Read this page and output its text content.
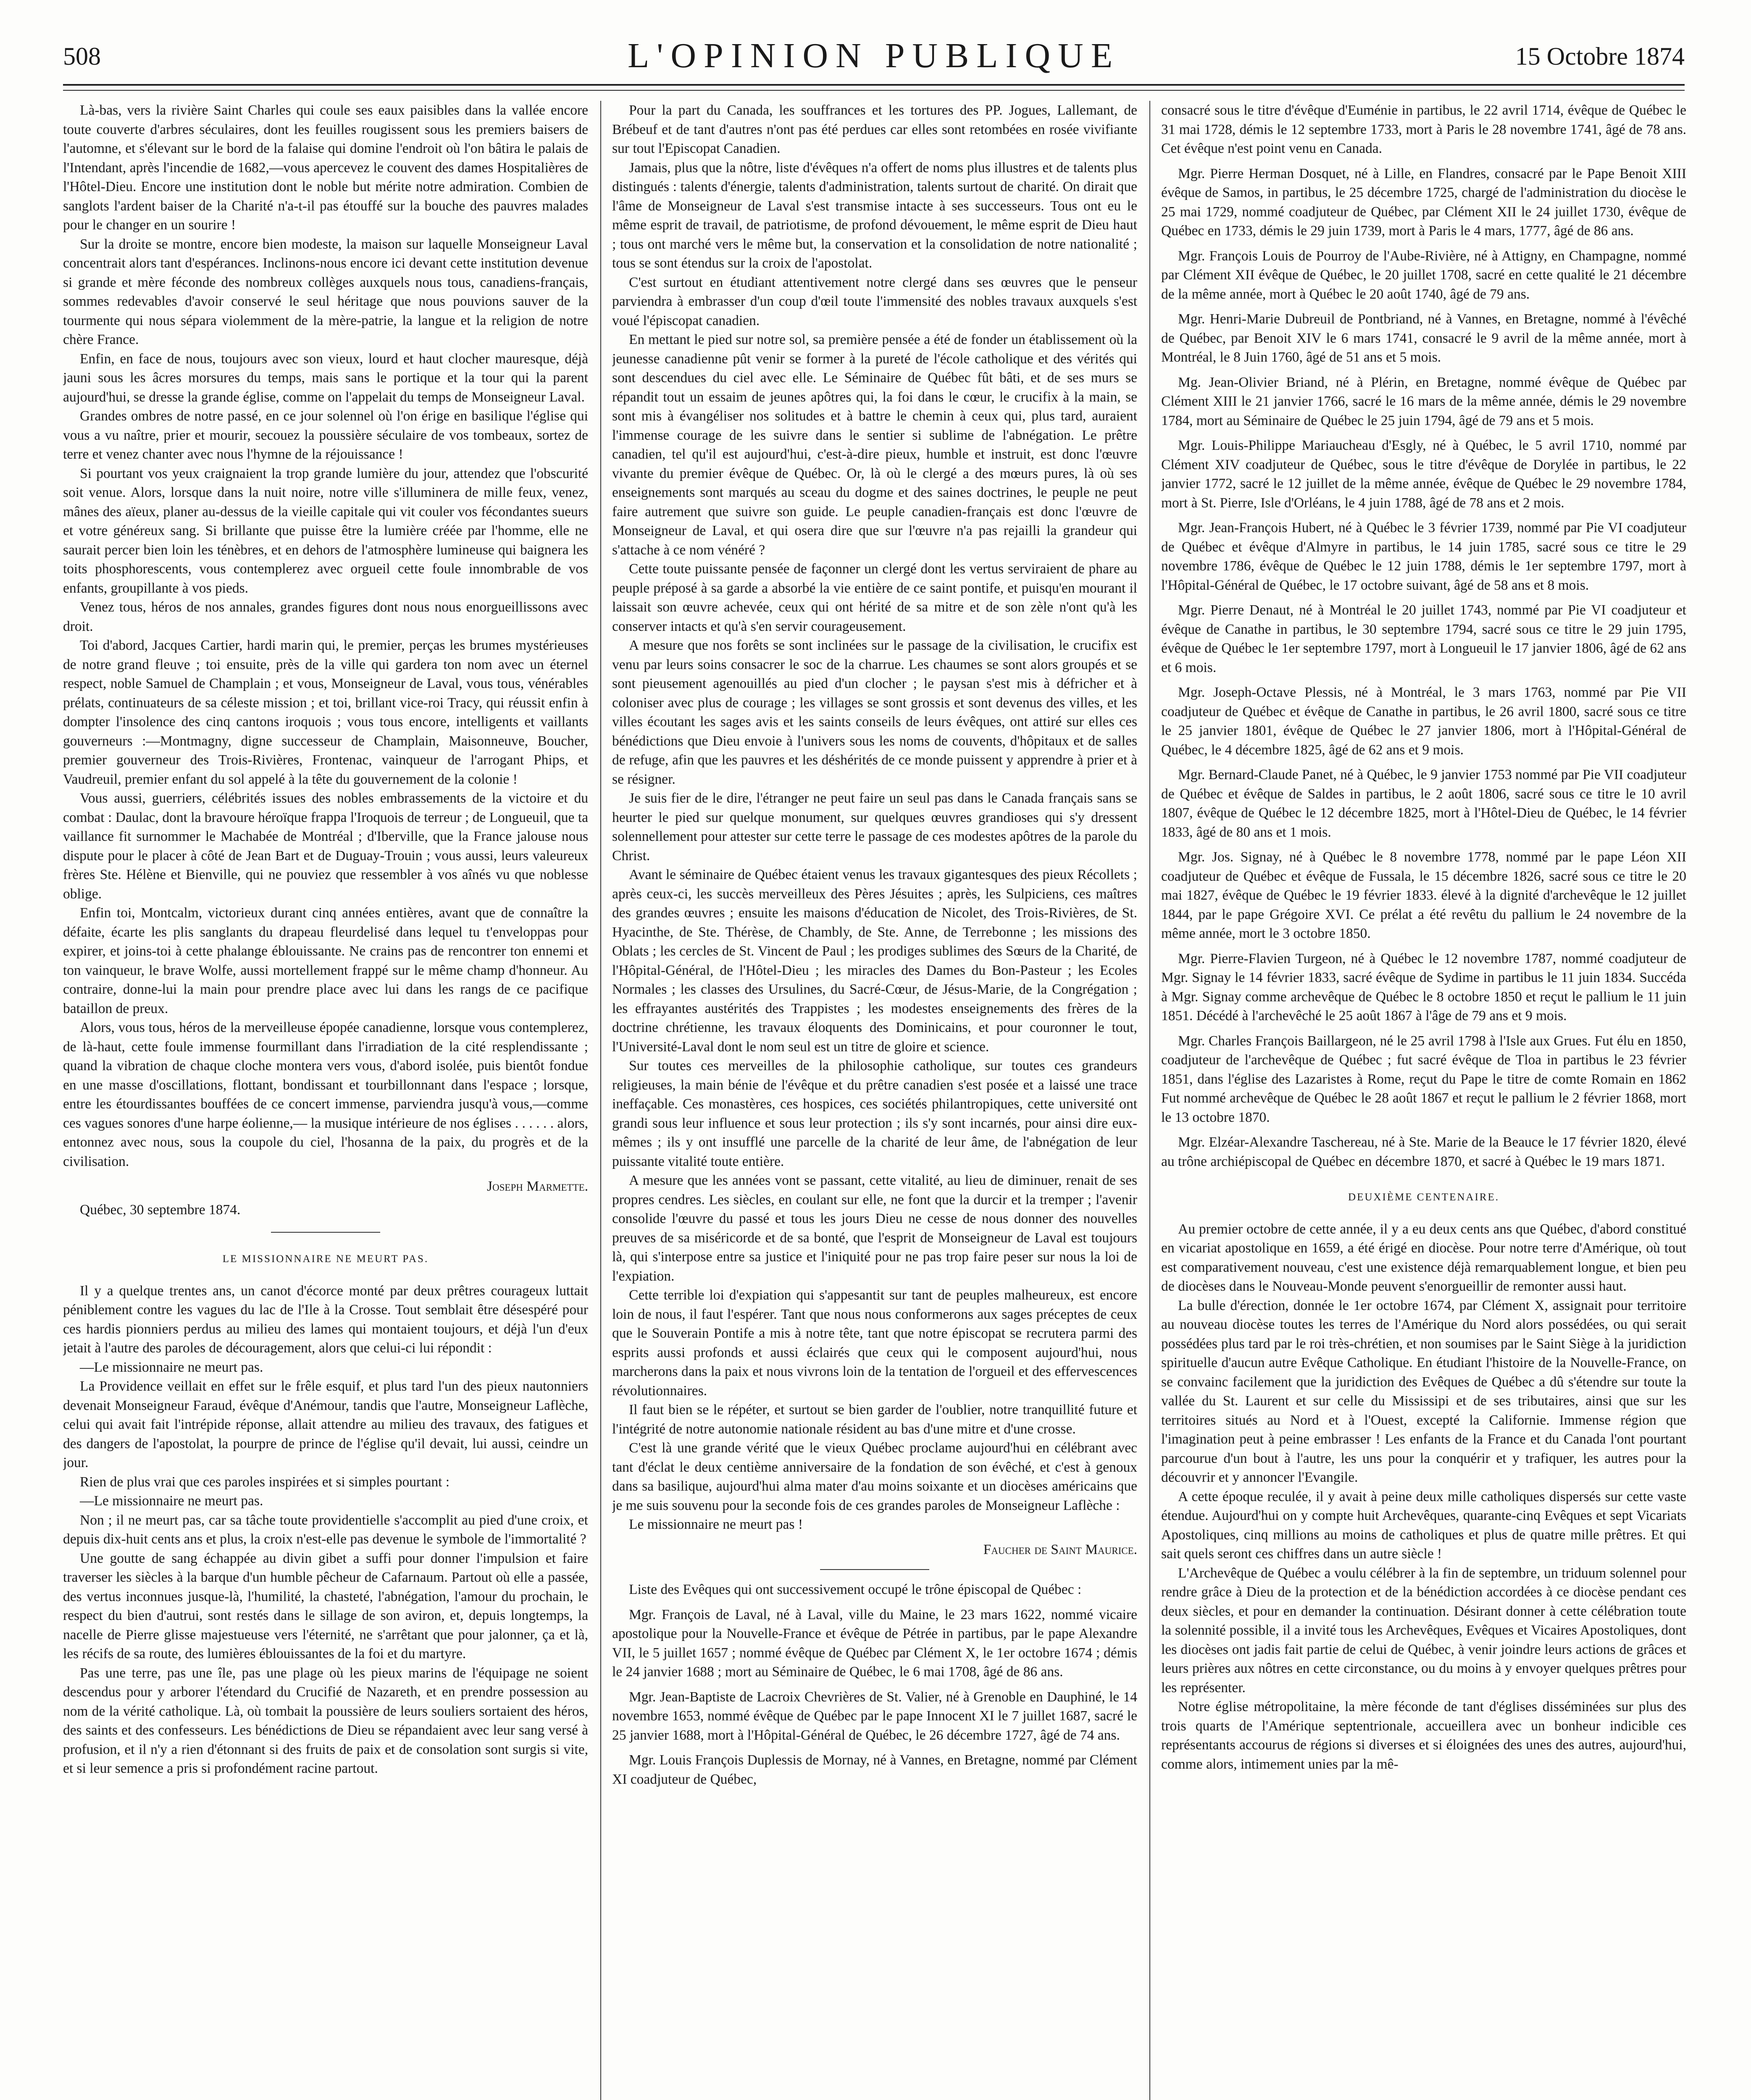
508	L'OPINION PUBLIQUE	15 Octobre 1874

Là-bas, vers la rivière Saint Charles qui coule ses eaux paisibles dans la vallée encore toute couverte d'arbres séculaires, dont les feuilles rougissent sous les premiers baisers de l'automne, et s'élevant sur le bord de la falaise qui domine l'endroit où l'on bâtira le palais de l'Intendant, après l'incendie de 1682,—vous apercevez le couvent des dames Hospitalières de l'Hôtel-Dieu. Encore une institution dont le noble but mérite notre admiration. Combien de sanglots l'ardent baiser de la Charité n'a-t-il pas étouffé sur la bouche des pauvres malades pour le changer en un sourire !

Sur la droite se montre, encore bien modeste, la maison sur laquelle Monseigneur Laval concentrait alors tant d'espérances. Inclinons-nous encore ici devant cette institution devenue si grande et mère féconde des nombreux collèges auxquels nous tous, canadiens-français, sommes redevables d'avoir conservé le seul héritage que nous pouvions sauver de la tourmente qui nous sépara violemment de la mère-patrie, la langue et la religion de notre chère France.

Enfin, en face de nous, toujours avec son vieux, lourd et haut clocher mauresque, déjà jauni sous les âcres morsures du temps, mais sans le portique et la tour qui la parent aujourd'hui, se dresse la grande église, comme on l'appelait du temps de Monseigneur Laval.

Grandes ombres de notre passé, en ce jour solennel où l'on érige en basilique l'église qui vous a vu naître, prier et mourir, secouez la poussière séculaire de vos tombeaux, sortez de terre et venez chanter avec nous l'hymne de la réjouissance !

Si pourtant vos yeux craignaient la trop grande lumière du jour, attendez que l'obscurité soit venue. Alors, lorsque dans la nuit noire, notre ville s'illuminera de mille feux, venez, mânes des aïeux, planer au-dessus de la vieille capitale qui vit couler vos fécondantes sueurs et votre généreux sang. Si brillante que puisse être la lumière créée par l'homme, elle ne saurait percer bien loin les ténèbres, et en dehors de l'atmosphère lumineuse qui baignera les toits phosphorescents, vous contemplerez avec orgueil cette foule innombrable de vos enfants, groupillante à vos pieds.

Venez tous, héros de nos annales, grandes figures dont nous nous enorgueillissons avec droit.

Toi d'abord, Jacques Cartier, hardi marin qui, le premier, perças les brumes mystérieuses de notre grand fleuve ; toi ensuite, près de la ville qui gardera ton nom avec un éternel respect, noble Samuel de Champlain ; et vous, Monseigneur de Laval, vous tous, vénérables prélats, continuateurs de sa céleste mission ; et toi, brillant vice-roi Tracy, qui réussit enfin à dompter l'insolence des cinq cantons iroquois ; vous tous encore, intelligents et vaillants gouverneurs :—Montmagny, digne successeur de Champlain, Maisonneuve, Boucher, premier gouverneur des Trois-Rivières, Frontenac, vainqueur de l'arrogant Phips, et Vaudreuil, premier enfant du sol appelé à la tête du gouvernement de la colonie !

Vous aussi, guerriers, célébrités issues des nobles embrassements de la victoire et du combat : Daulac, dont la bravoure héroïque frappa l'Iroquois de terreur ; de Longueuil, que ta vaillance fit surnommer le Machabée de Montréal ; d'Iberville, que la France jalouse nous dispute pour le placer à côté de Jean Bart et de Duguay-Trouin ; vous aussi, leurs valeureux frères Ste. Hélène et Bienville, qui ne pouviez que ressembler à vos aînés vu que noblesse oblige.

Enfin toi, Montcalm, victorieux durant cinq années entières, avant que de connaître la défaite, écarte les plis sanglants du drapeau fleurdelisé dans lequel tu t'enveloppas pour expirer, et joins-toi à cette phalange éblouissante. Ne crains pas de rencontrer ton ennemi et ton vainqueur, le brave Wolfe, aussi mortellement frappé sur le même champ d'honneur. Au contraire, donne-lui la main pour prendre place avec lui dans les rangs de ce pacifique bataillon de preux.

Alors, vous tous, héros de la merveilleuse épopée canadienne, lorsque vous contemplerez, de là-haut, cette foule immense fourmillant dans l'irradiation de la cité resplendissante ; quand la vibration de chaque cloche montera vers vous, d'abord isolée, puis bientôt fondue en une masse d'oscillations, flottant, bondissant et tourbillonnant dans l'espace ; lorsque, entre les étourdissantes bouffées de ce concert immense, parviendra jusqu'à vous,—comme ces vagues sonores d'une harpe éolienne,— la musique intérieure de nos églises . . . . . . alors, entonnez avec nous, sous la coupole du ciel, l'hosanna de la paix, du progrès et de la civilisation.

Joseph Marmette.

Québec, 30 septembre 1874.

LE MISSIONNAIRE NE MEURT PAS.

Il y a quelque trentes ans, un canot d'écorce monté par deux prêtres courageux luttait péniblement contre les vagues du lac de l'Ile à la Crosse. Tout semblait être désespéré pour ces hardis pionniers perdus au milieu des lames qui montaient toujours, et déjà l'un d'eux jetait à l'autre des paroles de découragement, alors que celui-ci lui répondit :

—Le missionnaire ne meurt pas.

La Providence veillait en effet sur le frêle esquif, et plus tard l'un des pieux nautonniers devenait Monseigneur Faraud, évêque d'Anémour, tandis que l'autre, Monseigneur Laflèche, celui qui avait fait l'intrépide réponse, allait attendre au milieu des travaux, des fatigues et des dangers de l'apostolat, la pourpre de prince de l'église qu'il devait, lui aussi, ceindre un jour.

Rien de plus vrai que ces paroles inspirées et si simples pourtant :

—Le missionnaire ne meurt pas.

Non ; il ne meurt pas, car sa tâche toute providentielle s'accomplit au pied d'une croix, et depuis dix-huit cents ans et plus, la croix n'est-elle pas devenue le symbole de l'immortalité ?

Une goutte de sang échappée au divin gibet a suffi pour donner l'impulsion et faire traverser les siècles à la barque d'un humble pêcheur de Cafarnaum. Partout où elle a passée, des vertus inconnues jusque-là, l'humilité, la chasteté, l'abnégation, l'amour du prochain, le respect du bien d'autrui, sont restés dans le sillage de son aviron, et, depuis longtemps, la nacelle de Pierre glisse majestueuse vers l'éternité, ne s'arrêtant que pour jalonner, ça et là, les récifs de sa route, des lumières éblouissantes de la foi et du martyre.

Pas une terre, pas une île, pas une plage où les pieux marins de l'équipage ne soient descendus pour y arborer l'étendard du Crucifié de Nazareth, et en prendre possession au nom de la vérité catholique. Là, où tombait la poussière de leurs souliers sortaient des héros, des saints et des confesseurs. Les bénédictions de Dieu se répandaient avec leur sang versé à profusion, et il n'y a rien d'étonnant si des fruits de paix et de consolation sont surgis si vite, et si leur semence a pris si profondément racine partout.

Pour la part du Canada, les souffrances et les tortures des PP. Jogues, Lallemant, de Brébeuf et de tant d'autres n'ont pas été perdues car elles sont retombées en rosée vivifiante sur tout l'Episcopat Canadien.

Jamais, plus que la nôtre, liste d'évêques n'a offert de noms plus illustres et de talents plus distingués : talents d'énergie, talents d'administration, talents surtout de charité. On dirait que l'âme de Monseigneur de Laval s'est transmise intacte à ses successeurs. Tous ont eu le même esprit de travail, de patriotisme, de profond dévouement, le même esprit de Dieu haut ; tous ont marché vers le même but, la conservation et la consolidation de notre nationalité ; tous se sont étendus sur la croix de l'apostolat.

C'est surtout en étudiant attentivement notre clergé dans ses œuvres que le penseur parviendra à embrasser d'un coup d'œil toute l'immensité des nobles travaux auxquels s'est voué l'épiscopat canadien.

En mettant le pied sur notre sol, sa première pensée a été de fonder un établissement où la jeunesse canadienne pût venir se former à la pureté de l'école catholique et des vérités qui sont descendues du ciel avec elle. Le Séminaire de Québec fût bâti, et de ses murs se répandit tout un essaim de jeunes apôtres qui, la foi dans le cœur, le crucifix à la main, se sont mis à évangéliser nos solitudes et à battre le chemin à ceux qui, plus tard, auraient l'immense courage de les suivre dans le sentier si sublime de l'abnégation. Le prêtre canadien, tel qu'il est aujourd'hui, c'est-à-dire pieux, humble et instruit, est donc l'œuvre vivante du premier évêque de Québec. Or, là où le clergé a des mœurs pures, là où ses enseignements sont marqués au sceau du dogme et des saines doctrines, le peuple ne peut faire autrement que suivre son guide. Le peuple canadien-français est donc l'œuvre de Monseigneur de Laval, et qui osera dire que sur l'œuvre n'a pas rejailli la grandeur qui s'attache à ce nom vénéré ?

Cette toute puissante pensée de façonner un clergé dont les vertus serviraient de phare au peuple préposé à sa garde a absorbé la vie entière de ce saint pontife, et puisqu'en mourant il laissait son œuvre achevée, ceux qui ont hérité de sa mitre et de son zèle n'ont qu'à les conserver intacts et qu'à s'en servir courageusement.

A mesure que nos forêts se sont inclinées sur le passage de la civilisation, le crucifix est venu par leurs soins consacrer le soc de la charrue. Les chaumes se sont alors groupés et se sont pieusement agenouillés au pied d'un clocher ; le paysan s'est mis à défricher et à coloniser avec plus de courage ; les villages se sont grossis et sont devenus des villes, et les villes écoutant les sages avis et les saints conseils de leurs évêques, ont attiré sur elles ces bénédictions que Dieu envoie à l'univers sous les noms de couvents, d'hôpitaux et de salles de refuge, afin que les pauvres et les déshérités de ce monde puissent y apprendre à prier et à se résigner.

Je suis fier de le dire, l'étranger ne peut faire un seul pas dans le Canada français sans se heurter le pied sur quelque monument, sur quelques œuvres grandioses qui s'y dressent solennellement pour attester sur cette terre le passage de ces modestes apôtres de la parole du Christ.

Avant le séminaire de Québec étaient venus les travaux gigantesques des pieux Récollets ; après ceux-ci, les succès merveilleux des Pères Jésuites ; après, les Sulpiciens, ces maîtres des grandes œuvres ; ensuite les maisons d'éducation de Nicolet, des Trois-Rivières, de St. Hyacinthe, de Ste. Thérèse, de Chambly, de Ste. Anne, de Terrebonne ; les missions des Oblats ; les cercles de St. Vincent de Paul ; les prodiges sublimes des Sœurs de la Charité, de l'Hôpital-Général, de l'Hôtel-Dieu ; les miracles des Dames du Bon-Pasteur ; les Ecoles Normales ; les classes des Ursulines, du Sacré-Cœur, de Jésus-Marie, de la Congrégation ; les effrayantes austérités des Trappistes ; les modestes enseignements des frères de la doctrine chrétienne, les travaux éloquents des Dominicains, et pour couronner le tout, l'Université-Laval dont le nom seul est un titre de gloire et science.

Sur toutes ces merveilles de la philosophie catholique, sur toutes ces grandeurs religieuses, la main bénie de l'évêque et du prêtre canadien s'est posée et a laissé une trace ineffaçable. Ces monastères, ces hospices, ces sociétés philantropiques, cette université ont grandi sous leur influence et sous leur protection ; ils s'y sont incarnés, pour ainsi dire eux-mêmes ; ils y ont insufflé une parcelle de la charité de leur âme, de l'abnégation de leur puissante vitalité toute entière.

A mesure que les années vont se passant, cette vitalité, au lieu de diminuer, renait de ses propres cendres. Les siècles, en coulant sur elle, ne font que la durcir et la tremper ; l'avenir consolide l'œuvre du passé et tous les jours Dieu ne cesse de nous donner des nouvelles preuves de sa miséricorde et de sa bonté, que l'esprit de Monseigneur de Laval est toujours là, qui s'interpose entre sa justice et l'iniquité pour ne pas trop faire peser sur nous la loi de l'expiation.

Cette terrible loi d'expiation qui s'appesantit sur tant de peuples malheureux, est encore loin de nous, il faut l'espérer. Tant que nous nous conformerons aux sages préceptes de ceux que le Souverain Pontife a mis à notre tête, tant que notre épiscopat se recrutera parmi des esprits aussi profonds et aussi éclairés que ceux qui le composent aujourd'hui, nous marcherons dans la paix et nous vivrons loin de la tentation de l'orgueil et des effervescences révolutionnaires.

Il faut bien se le répéter, et surtout se bien garder de l'oublier, notre tranquillité future et l'intégrité de notre autonomie nationale résident au bas d'une mitre et d'une crosse.

C'est là une grande vérité que le vieux Québec proclame aujourd'hui en célébrant avec tant d'éclat le deux centième anniversaire de la fondation de son évêché, et c'est à genoux dans sa basilique, aujourd'hui alma mater d'au moins soixante et un diocèses américains que je me suis souvenu pour la seconde fois de ces grandes paroles de Monseigneur Laflèche :

Le missionnaire ne meurt pas !

Faucher de Saint Maurice.

Liste des Evêques qui ont successivement occupé le trône épiscopal de Québec :

Mgr. François de Laval, né à Laval, ville du Maine, le 23 mars 1622, nommé vicaire apostolique pour la Nouvelle-France et évêque de Pétrée in partibus, par le pape Alexandre VII, le 5 juillet 1657 ; nommé évêque de Québec par Clément X, le 1er octobre 1674 ; démis le 24 janvier 1688 ; mort au Séminaire de Québec, le 6 mai 1708, âgé de 86 ans.

Mgr. Jean-Baptiste de Lacroix Chevrières de St. Valier, né à Grenoble en Dauphiné, le 14 novembre 1653, nommé évêque de Québec par le pape Innocent XI le 7 juillet 1687, sacré le 25 janvier 1688, mort à l'Hôpital-Général de Québec, le 26 décembre 1727, âgé de 74 ans.

Mgr. Louis François Duplessis de Mornay, né à Vannes, en Bretagne, nommé par Clément XI coadjuteur de Québec,

consacré sous le titre d'évêque d'Euménie in partibus, le 22 avril 1714, évêque de Québec le 31 mai 1728, démis le 12 septembre 1733, mort à Paris le 28 novembre 1741, âgé de 78 ans. Cet évêque n'est point venu en Canada.

Mgr. Pierre Herman Dosquet, né à Lille, en Flandres, consacré par le Pape Benoit XIII évêque de Samos, in partibus, le 25 décembre 1725, chargé de l'administration du diocèse le 25 mai 1729, nommé coadjuteur de Québec, par Clément XII le 24 juillet 1730, évêque de Québec en 1733, démis le 29 juin 1739, mort à Paris le 4 mars, 1777, âgé de 86 ans.

Mgr. François Louis de Pourroy de l'Aube-Rivière, né à Attigny, en Champagne, nommé par Clément XII évêque de Québec, le 20 juillet 1708, sacré en cette qualité le 21 décembre de la même année, mort à Québec le 20 août 1740, âgé de 79 ans.

Mgr. Henri-Marie Dubreuil de Pontbriand, né à Vannes, en Bretagne, nommé à l'évêché de Québec, par Benoit XIV le 6 mars 1741, consacré le 9 avril de la même année, mort à Montréal, le 8 Juin 1760, âgé de 51 ans et 5 mois.

Mg. Jean-Olivier Briand, né à Plérin, en Bretagne, nommé évêque de Québec par Clément XIII le 21 janvier 1766, sacré le 16 mars de la même année, démis le 29 novembre 1784, mort au Séminaire de Québec le 25 juin 1794, âgé de 79 ans et 5 mois.

Mgr. Louis-Philippe Mariaucheau d'Esgly, né à Québec, le 5 avril 1710, nommé par Clément XIV coadjuteur de Québec, sous le titre d'évêque de Dorylée in partibus, le 22 janvier 1772, sacré le 12 juillet de la même année, évêque de Québec le 29 novembre 1784, mort à St. Pierre, Isle d'Orléans, le 4 juin 1788, âgé de 78 ans et 2 mois.

Mgr. Jean-François Hubert, né à Québec le 3 février 1739, nommé par Pie VI coadjuteur de Québec et évêque d'Almyre in partibus, le 14 juin 1785, sacré sous ce titre le 29 novembre 1786, évêque de Québec le 12 juin 1788, démis le 1er septembre 1797, mort à l'Hôpital-Général de Québec, le 17 octobre suivant, âgé de 58 ans et 8 mois.

Mgr. Pierre Denaut, né à Montréal le 20 juillet 1743, nommé par Pie VI coadjuteur et évêque de Canathe in partibus, le 30 septembre 1794, sacré sous ce titre le 29 juin 1795, évêque de Québec le 1er septembre 1797, mort à Longueuil le 17 janvier 1806, âgé de 62 ans et 6 mois.

Mgr. Joseph-Octave Plessis, né à Montréal, le 3 mars 1763, nommé par Pie VII coadjuteur de Québec et évêque de Canathe in partibus, le 26 avril 1800, sacré sous ce titre le 25 janvier 1801, évêque de Québec le 27 janvier 1806, mort à l'Hôpital-Général de Québec, le 4 décembre 1825, âgé de 62 ans et 9 mois.

Mgr. Bernard-Claude Panet, né à Québec, le 9 janvier 1753 nommé par Pie VII coadjuteur de Québec et évêque de Saldes in partibus, le 2 août 1806, sacré sous ce titre le 10 avril 1807, évêque de Québec le 12 décembre 1825, mort à l'Hôtel-Dieu de Québec, le 14 février 1833, âgé de 80 ans et 1 mois.

Mgr. Jos. Signay, né à Québec le 8 novembre 1778, nommé par le pape Léon XII coadjuteur de Québec et évêque de Fussala, le 15 décembre 1826, sacré sous ce titre le 20 mai 1827, évêque de Québec le 19 février 1833. élevé à la dignité d'archevêque le 12 juillet 1844, par le pape Grégoire XVI. Ce prélat a été revêtu du pallium le 24 novembre de la même année, mort le 3 octobre 1850.

Mgr. Pierre-Flavien Turgeon, né à Québec le 12 novembre 1787, nommé coadjuteur de Mgr. Signay le 14 février 1833, sacré évêque de Sydime in partibus le 11 juin 1834. Succéda à Mgr. Signay comme archevêque de Québec le 8 octobre 1850 et reçut le pallium le 11 juin 1851. Décédé à l'archevêché le 25 août 1867 à l'âge de 79 ans et 9 mois.

Mgr. Charles François Baillargeon, né le 25 avril 1798 à l'Isle aux Grues. Fut élu en 1850, coadjuteur de l'archevêque de Québec ; fut sacré évêque de Tloa in partibus le 23 février 1851, dans l'église des Lazaristes à Rome, reçut du Pape le titre de comte Romain en 1862 Fut nommé archevêque de Québec le 28 août 1867 et reçut le pallium le 2 février 1868, mort le 13 octobre 1870.

Mgr. Elzéar-Alexandre Taschereau, né à Ste. Marie de la Beauce le 17 février 1820, élevé au trône archiépiscopal de Québec en décembre 1870, et sacré à Québec le 19 mars 1871.

DEUXIÈME CENTENAIRE.

Au premier octobre de cette année, il y a eu deux cents ans que Québec, d'abord constitué en vicariat apostolique en 1659, a été érigé en diocèse. Pour notre terre d'Amérique, où tout est comparativement nouveau, c'est une existence déjà remarquablement longue, et bien peu de diocèses dans le Nouveau-Monde peuvent s'enorgueillir de remonter aussi haut.

La bulle d'érection, donnée le 1er octobre 1674, par Clément X, assignait pour territoire au nouveau diocèse toutes les terres de l'Amérique du Nord alors possédées, ou qui serait possédées plus tard par le roi très-chrétien, et non soumises par le Saint Siège à la juridiction spirituelle d'aucun autre Evêque Catholique. En étudiant l'histoire de la Nouvelle-France, on se convainc facilement que la juridiction des Evêques de Québec a dû s'étendre sur toute la vallée du St. Laurent et sur celle du Mississipi et de ses tributaires, ainsi que sur les territoires situés au Nord et à l'Ouest, excepté la Californie. Immense région que l'imagination peut à peine embrasser ! Les enfants de la France et du Canada l'ont pourtant parcourue d'un bout à l'autre, les uns pour la conquérir et y trafiquer, les autres pour la découvrir et y annoncer l'Evangile.

A cette époque reculée, il y avait à peine deux mille catholiques dispersés sur cette vaste étendue. Aujourd'hui on y compte huit Archevêques, quarante-cinq Evêques et sept Vicariats Apostoliques, cinq millions au moins de catholiques et plus de quatre mille prêtres. Et qui sait quels seront ces chiffres dans un autre siècle !

L'Archevêque de Québec a voulu célébrer à la fin de septembre, un triduum solennel pour rendre grâce à Dieu de la protection et de la bénédiction accordées à ce diocèse pendant ces deux siècles, et pour en demander la continuation. Désirant donner à cette célébration toute la solennité possible, il a invité tous les Archevêques, Evêques et Vicaires Apostoliques, dont les diocèses ont jadis fait partie de celui de Québec, à venir joindre leurs actions de grâces et leurs prières aux nôtres en cette circonstance, ou du moins à y envoyer quelques prêtres pour les représenter.

Notre église métropolitaine, la mère féconde de tant d'églises disséminées sur plus des trois quarts de l'Amérique septentrionale, accueillera avec un bonheur indicible ces représentants accourus de régions si diverses et si éloignées des unes des autres, aujourd'hui, comme alors, intimement unies par la mê-
